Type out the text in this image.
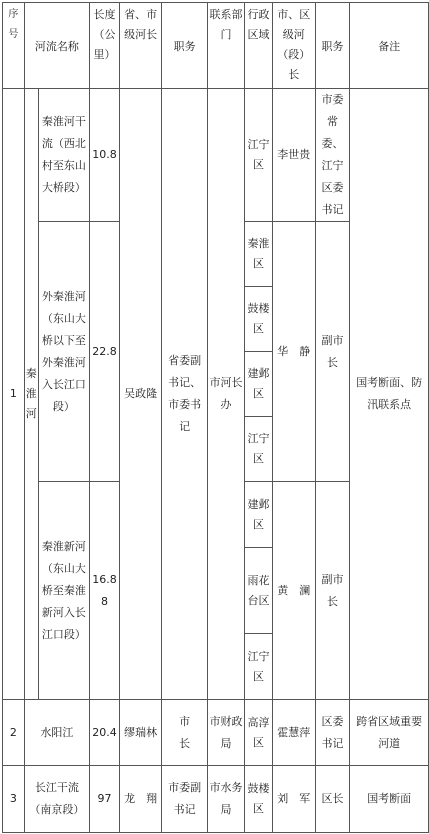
序号	河流名称		长度（公里）	省、市级河长	职务	联系部门	行政区域	市、区级河（段）长	职务	备注
1	秦淮河	秦淮河干流（西北村至东山大桥段）	10.8	吴政隆	省委副书记、市委书记	市河长办	江宁区	李世贵	市委常委、江宁区委书记	国考断面、防汛联系点
		外秦淮河（东山大桥以下至外秦淮河入长江口段）	22.8				秦淮区	华　静	副市长	
							鼓楼区			
							建邺区			
							江宁区			
		秦淮新河（东山大桥至秦淮新河入长江口段）	16.88				建邺区	黄　澜	副市长	
							雨花台区			
							江宁区			

2	水阳江		20.4	缪瑞林	市　　长	市财政局	高淳区	霍慧萍	区委书记	跨省区域重要河道
3	长江干流（南京段）		97	龙　翔	市委副书记	市水务局	鼓楼区	刘　军	区长	国考断面
